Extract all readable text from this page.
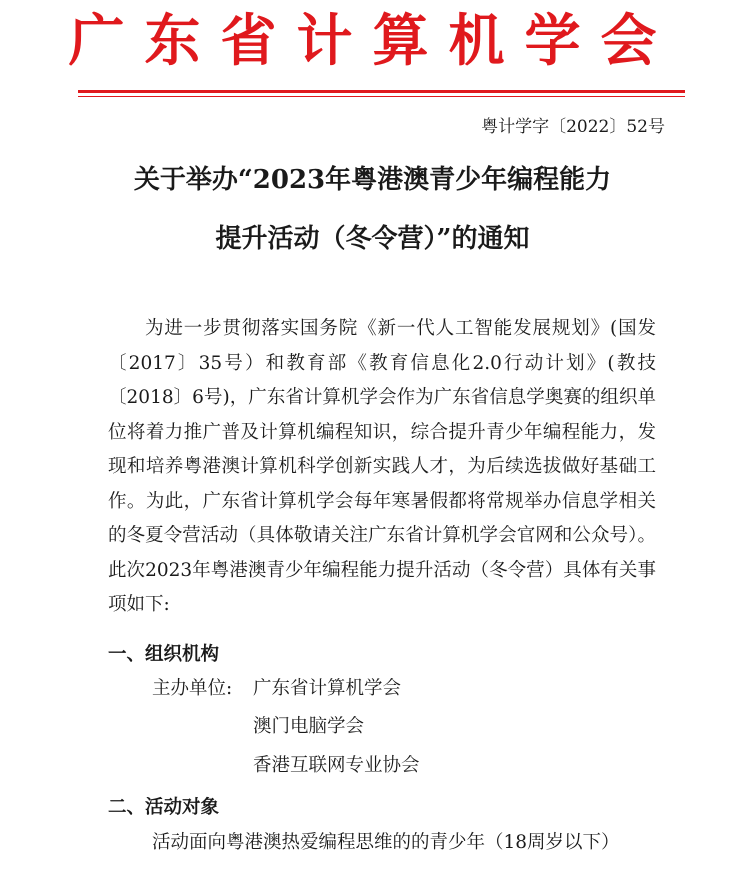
广东省计算机学会
粤计学字〔2022〕52号
关于举办“2023年粤港澳青少年编程能力
提升活动（冬令营）”的通知

为进一步贯彻落实国务院《新一代人工智能发展规划》(国发〔2017〕35号）和教育部《教育信息化2.0行动计划》(教技〔2018〕6号)，广东省计算机学会作为广东省信息学奥赛的组织单位将着力推广普及计算机编程知识，综合提升青少年编程能力，发现和培养粤港澳计算机科学创新实践人才，为后续选拔做好基础工作。为此，广东省计算机学会每年寒暑假都将常规举办信息学相关的冬夏令营活动（具体敬请关注广东省计算机学会官网和公众号）。此次2023年粤港澳青少年编程能力提升活动（冬令营）具体有关事项如下:

一、组织机构
主办单位: 广东省计算机学会
澳门电脑学会
香港互联网专业协会
二、活动对象
活动面向粤港澳热爱编程思维的的青少年（18周岁以下）
